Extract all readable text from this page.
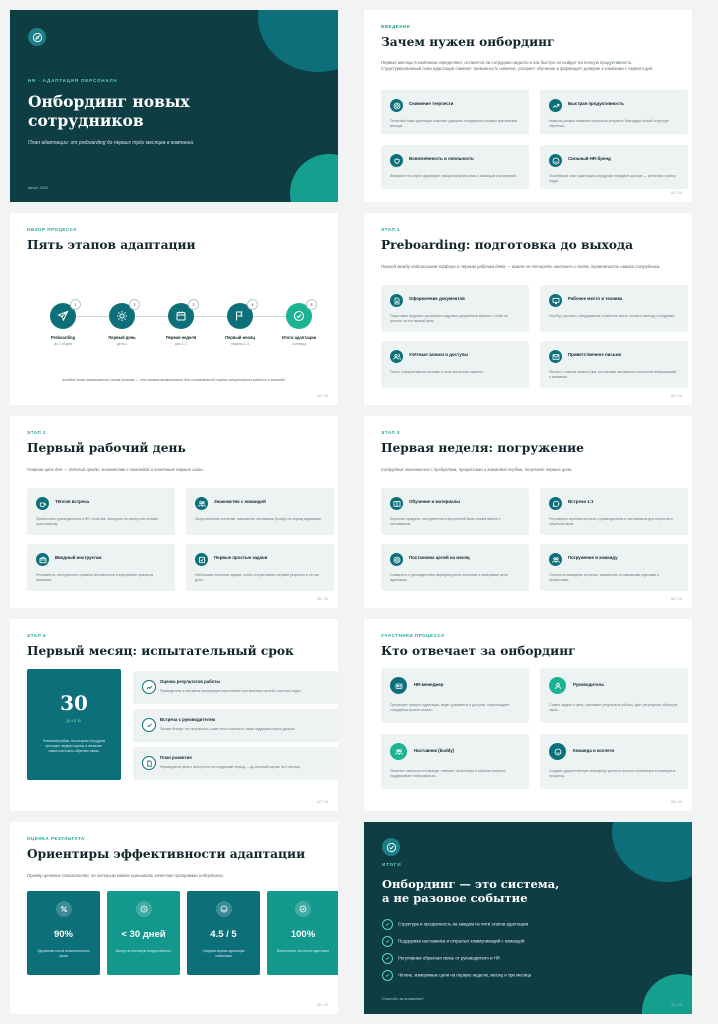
HR · АДАПТАЦИЯ ПЕРСОНАЛА
Онбординг новых
сотрудников
План адаптации: от preboarding до первых трёх месяцев в компании
Август 2024
ВВЕДЕНИЕ
Зачем нужен онбординг
Первые месяцы в компании определяют, останется ли сотрудник надолго и как быстро он выйдет на полную продуктивность. Структурированный план адаптации снижает тревожность новичка, ускоряет обучение и формирует доверие к компании с первого дня.
Снижение текучести
Понятный план адаптации помогает удержать сотрудника в первые критические месяцы.
Быстрая продуктивность
Новичок раньше начинает приносить результат благодаря чёткой структуре обучения.
Вовлечённость и лояльность
Внимание на старте формирует эмоциональную связь с командой и компанией.
Сильный HR-бренд
Позитивный опыт адаптации сотрудники передают дальше — коллегам и рынку труда.
02 / 10
ОБЗОР ПРОЦЕССА
Пять этапов адаптации
1
Preboarding
до 1-го дня
2
Первый день
день 1
3
Первая неделя
дни 2–7
4
Первый месяц
недели 2–4
5
Итоги адаптации
3 месяца
Каждый этап завершается своим итогом — это первая возможность для сознательной оценки результатов работы в команде.
03 / 10
ЭТАП 1
Preboarding: подготовка до выхода
Период между подписанием оффера и первым рабочим днём — важно не потерять контакт и снять тревожность нового сотрудника.
Оформление документов
Подготовка трудового договора и кадровых документов заранее, чтобы не тратить на это первый день.
Рабочее место и техника
Ноутбук, доступы, оборудование и рабочее место готовы к приходу сотрудника.
Учётные записи и доступы
Почта, корпоративные системы и чаты настроены заранее.
Приветственное письмо
Письмо с планом первого дня, контактами наставника и полезной информацией о компании.
04 / 10
ЭТАП 2
Первый рабочий день
Главная цель дня — тёплый приём, знакомство с командой и понятные первые шаги.
Тёплая встреча
Приветствие руководителем и HR, small talk, экскурсия по офису или онлайн-пространству.
Знакомство с командой
Представление коллегам, назначение наставника (buddy) на период адаптации.
Вводный инструктаж
Регламенты, инструменты, правила безопасности и внутренние процессы компании.
Первые простые задачи
Небольшие понятные задачи, чтобы почувствовать первый результат в тот же день.
05 / 10
ЭТАП 3
Первая неделя: погружение
Сотрудник знакомится с продуктом, процессами и командой глубже, получает первые цели.
Обучение и материалы
Изучение продукта, инструментов и внутренней базы знаний вместе с наставником.
Встречи 1:1
Регулярные короткие встречи с руководителем и наставником для вопросов и обратной связи.
Постановка целей на месяц
Совместно с руководителем формулируются понятные и измеримые цели адаптации.
Погружение в команду
Участие в командных встречах, знакомство со смежными отделами и процессами.
06 / 10
ЭТАП 4
Первый месяц: испытательный срок
30
ДНЕЙ
Ключевой рубеж, на котором сотрудник проходит первую оценку и начинает самостоятельно обретать связь.
Оценка результатов работы
Руководитель и наставник анализируют выполнение поставленных целей и качество задач.
Встреча с руководителем
Личная беседа: что получилось, какие есть сложности, какая поддержка нужна дальше.
План развития
Формируются цели и зоны роста на следующий период — до итоговой оценки на 3 месяца.
07 / 10
УЧАСТНИКИ ПРОЦЕССА
Кто отвечает за онбординг
HR-менеджер
Организует процесс адаптации, ведёт документы и доступы, сопровождает сотрудника на всех этапах.
Руководитель
Ставит задачи и цели, оценивает результаты работы, даёт регулярную обратную связь.
Наставник (buddy)
Помогает освоиться в команде, отвечает на бытовые и рабочие вопросы, поддерживает неформально.
Команда и коллеги
Создают дружественную атмосферу, делятся опытом и вовлекают в командные процессы.
08 / 10
ОЦЕНКА РЕЗУЛЬТАТА
Ориентиры эффективности адаптации
Пример целевых показателей, по которым можно оценивать качество программы онбординга.
90%
Удержание после испытательного срока
< 30 дней
Выход на плановую продуктивность
4.5 / 5
Средняя оценка адаптации новичками
100%
Выполнение чек-листа адаптации
09 / 10
ИТОГИ
Онбординг — это система,
а не разовое событие
Структура и прозрачность на каждом из пяти этапов адаптации
Поддержка наставника и открытых коммуникаций с командой
Регулярная обратная связь от руководителя и HR
Чёткие, измеримые цели на первую неделю, месяц и три месяца
Спасибо за внимание!
10 / 10
